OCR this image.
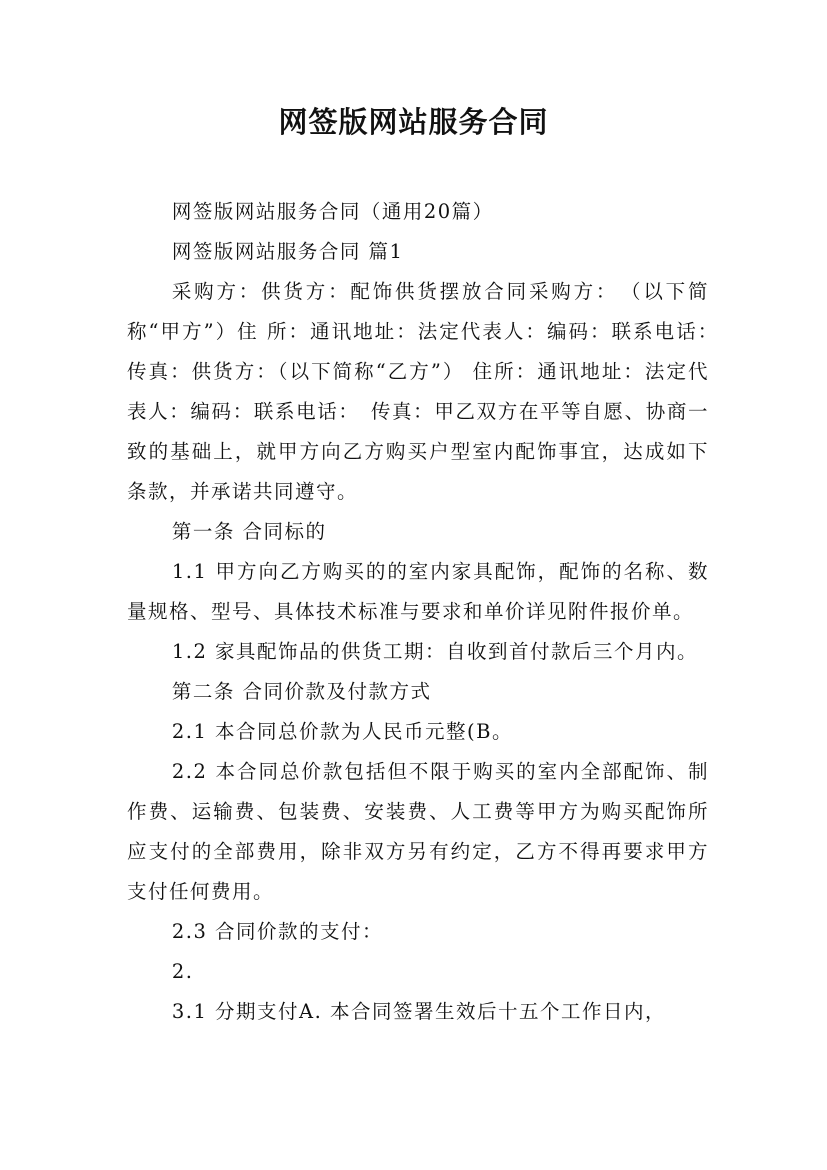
网签版网站服务合同

网签版网站服务合同（通用20篇）

网签版网站服务合同 篇1

采购方：供货方：配饰供货摆放合同采购方：　（以下简称“甲方”）住 所：通讯地址：法定代表人：编码：联系电话：　传真：供货方：（以下简称“乙方”） 住所：通讯地址：法定代表人：编码：联系电话：　传真：甲乙双方在平等自愿、协商一致的基础上，就甲方向乙方购买户型室内配饰事宜，达成如下条款，并承诺共同遵守。

第一条 合同标的

1.1 甲方向乙方购买的的室内家具配饰，配饰的名称、数量规格、型号、具体技术标准与要求和单价详见附件报价单。

1.2 家具配饰品的供货工期：自收到首付款后三个月内。

第二条 合同价款及付款方式

2.1 本合同总价款为人民币元整(B。

2.2 本合同总价款包括但不限于购买的室内全部配饰、制作费、运输费、包装费、安装费、人工费等甲方为购买配饰所应支付的全部费用，除非双方另有约定，乙方不得再要求甲方支付任何费用。

2.3 合同价款的支付：

2.

3.1 分期支付A. 本合同签署生效后十五个工作日内，
